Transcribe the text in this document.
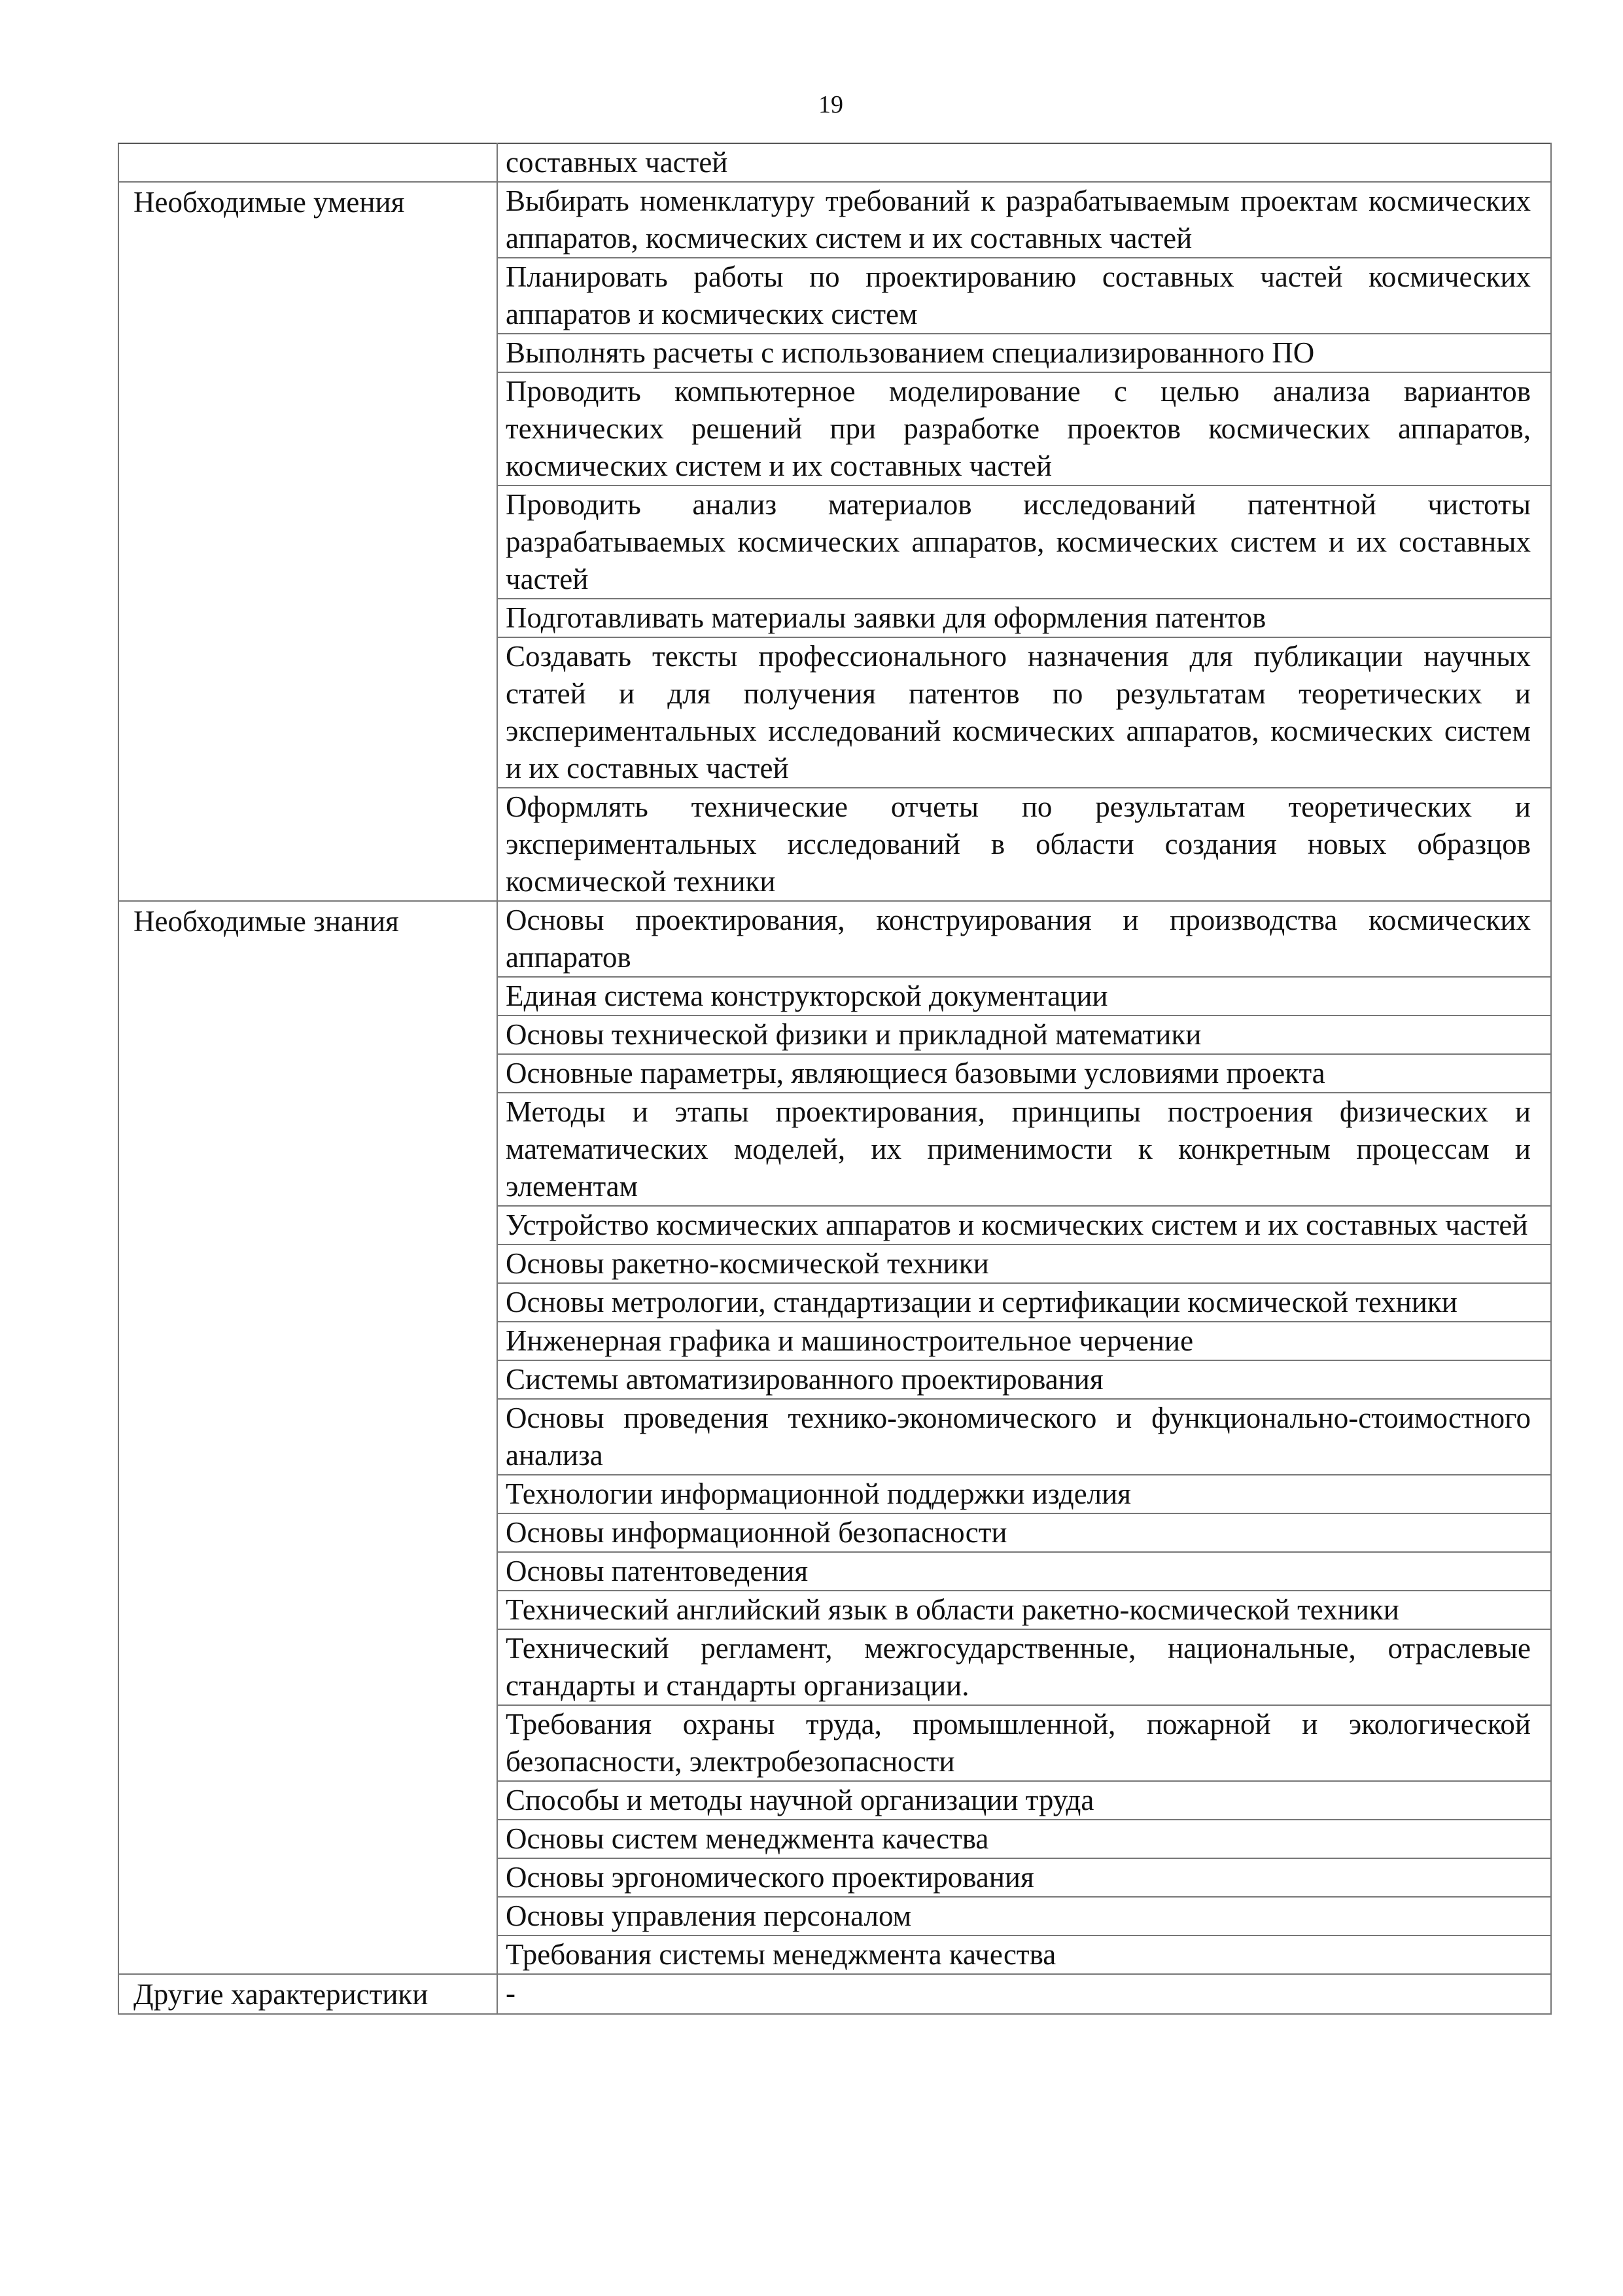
19
	составных частей
Необходимые умения	Выбирать номенклатуру требований к разрабатываемым проектам космических аппаратов, космических систем и их составных частей
	Планировать работы по проектированию составных частей космических аппаратов и космических систем
	Выполнять расчеты с использованием специализированного ПО
	Проводить компьютерное моделирование с целью анализа вариантов технических решений при разработке проектов космических аппаратов, космических систем и их составных частей
	Проводить анализ материалов исследований патентной чистоты разрабатываемых космических аппаратов, космических систем и их составных частей
	Подготавливать материалы заявки для оформления патентов
	Создавать тексты профессионального назначения для публикации научных статей и для получения патентов по результатам теоретических и экспериментальных исследований космических аппаратов, космических систем и их составных частей
	Оформлять технические отчеты по результатам теоретических и экспериментальных исследований в области создания новых образцов космической техники
Необходимые знания	Основы проектирования, конструирования и производства космических аппаратов
	Единая система конструкторской документации
	Основы технической физики и прикладной математики
	Основные параметры, являющиеся базовыми условиями проекта
	Методы и этапы проектирования, принципы построения физических и математических моделей, их применимости к конкретным процессам и элементам
	Устройство космических аппаратов и космических систем и их составных частей
	Основы ракетно-космической техники
	Основы метрологии, стандартизации и сертификации космической техники
	Инженерная графика и машиностроительное черчение
	Системы автоматизированного проектирования
	Основы проведения технико-экономического и функционально-стоимостного анализа
	Технологии информационной поддержки изделия
	Основы информационной безопасности
	Основы патентоведения
	Технический английский язык в области ракетно-космической техники
	Технический регламент, межгосударственные, национальные, отраслевые стандарты и стандарты организации.
	Требования охраны труда, промышленной, пожарной и экологической безопасности, электробезопасности
	Способы и методы научной организации труда
	Основы систем менеджмента качества
	Основы эргономического проектирования
	Основы управления персоналом
	Требования системы менеджмента качества
Другие характеристики	-
